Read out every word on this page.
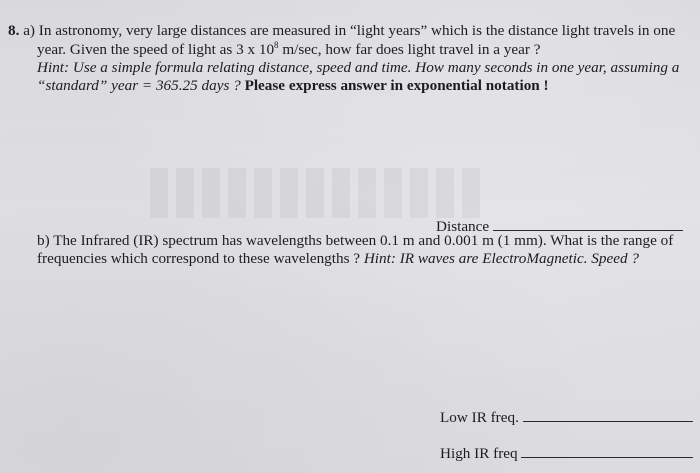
8. a) In astronomy, very large distances are measured in “light years” which is the distance light travels in one
year. Given the speed of light as 3 x $10^8$ m/sec, how far does light travel in a year ?
Hint: Use a simple formula relating distance, speed and time. How many seconds in one year, assuming a
“standard” year = 365.25 days ? Please express answer in exponential notation !
Distance
b) The Infrared (IR) spectrum has wavelengths between 0.1 m and 0.001 m (1 mm). What is the range of
frequencies which correspond to these wavelengths ? Hint: IR waves are ElectroMagnetic. Speed ?
Low IR freq.
High IR freq
